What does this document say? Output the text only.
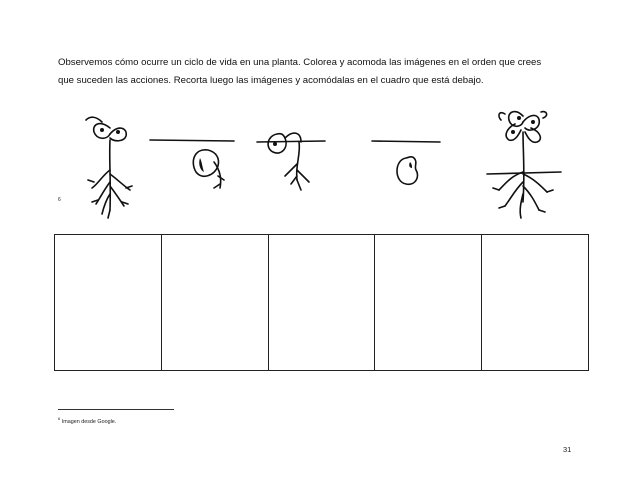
Observemos cómo ocurre un ciclo de vida en una planta. Colorea y acomoda las imágenes en el orden que crees
que suceden las acciones. Recorta luego las imágenes y acomódalas en el cuadro que está debajo.
6
$^6$ Imagen desde Google.
31
